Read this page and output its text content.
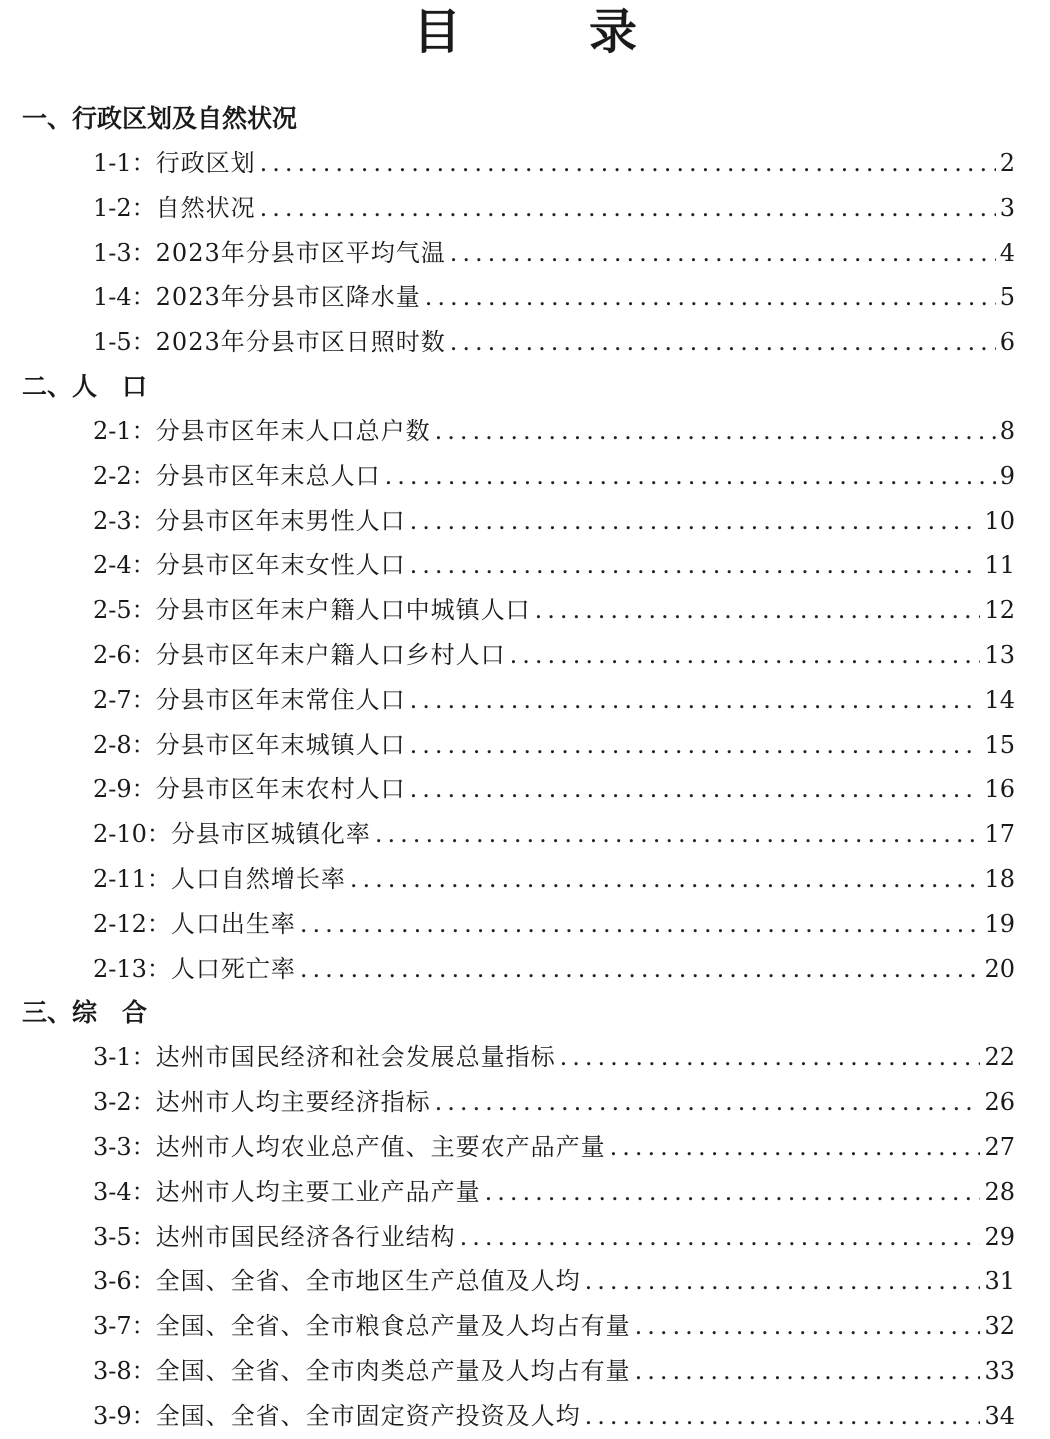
目　录
一、行政区划及自然状况
1-1 ： 行政区划 .....	2
1-2 ： 自然状况 .....	3
1-3 ： 2023年分县市区平均气温 .....	4
1-4 ： 2023年分县市区降水量 .....	5
1-5 ： 2023年分县市区日照时数 .....	6
二、人　口
2-1 ： 分县市区年末人口总户数 .....	8
2-2 ： 分县市区年末总人口 .....	9
2-3 ： 分县市区年末男性人口 .....	10
2-4 ： 分县市区年末女性人口 .....	11
2-5 ： 分县市区年末户籍人口中城镇人口 .....	12
2-6 ： 分县市区年末户籍人口乡村人口 .....	13
2-7 ： 分县市区年末常住人口 .....	14
2-8 ： 分县市区年末城镇人口 .....	15
2-9 ： 分县市区年末农村人口 .....	16
2-10 ： 分县市区城镇化率 .....	17
2-11 ： 人口自然增长率 .....	18
2-12 ： 人口出生率 .....	19
2-13 ： 人口死亡率 .....	20
三、综　合
3-1 ： 达州市国民经济和社会发展总量指标 .....	22
3-2 ： 达州市人均主要经济指标 .....	26
3-3 ： 达州市人均农业总产值、主要农产品产量 .....	27
3-4 ： 达州市人均主要工业产品产量 .....	28
3-5 ： 达州市国民经济各行业结构 .....	29
3-6 ： 全国、全省、全市地区生产总值及人均 .....	31
3-7 ： 全国、全省、全市粮食总产量及人均占有量 .....	32
3-8 ： 全国、全省、全市肉类总产量及人均占有量 .....	33
3-9 ： 全国、全省、全市固定资产投资及人均 .....	34
